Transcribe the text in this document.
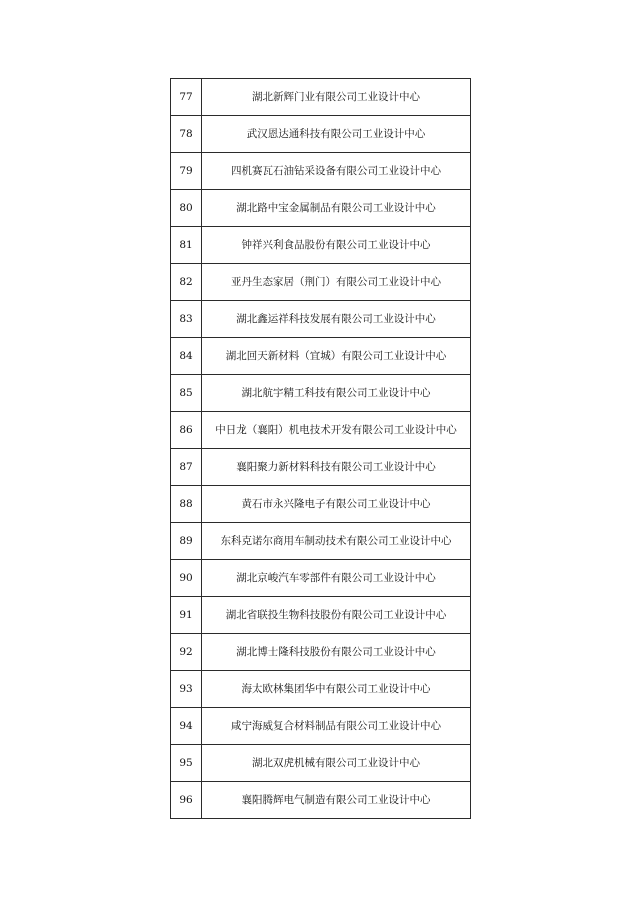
77	湖北新辉门业有限公司工业设计中心
78	武汉恩达通科技有限公司工业设计中心
79	四机赛瓦石油钻采设备有限公司工业设计中心
80	湖北路中宝金属制品有限公司工业设计中心
81	钟祥兴利食品股份有限公司工业设计中心
82	亚丹生态家居（荆门）有限公司工业设计中心
83	湖北鑫运祥科技发展有限公司工业设计中心
84	湖北回天新材料（宜城）有限公司工业设计中心
85	湖北航宇精工科技有限公司工业设计中心
86	中日龙（襄阳）机电技术开发有限公司工业设计中心
87	襄阳聚力新材料科技有限公司工业设计中心
88	黄石市永兴隆电子有限公司工业设计中心
89	东科克诺尔商用车制动技术有限公司工业设计中心
90	湖北京峻汽车零部件有限公司工业设计中心
91	湖北省联投生物科技股份有限公司工业设计中心
92	湖北博士隆科技股份有限公司工业设计中心
93	海太欧林集团华中有限公司工业设计中心
94	咸宁海威复合材料制品有限公司工业设计中心
95	湖北双虎机械有限公司工业设计中心
96	襄阳腾辉电气制造有限公司工业设计中心
